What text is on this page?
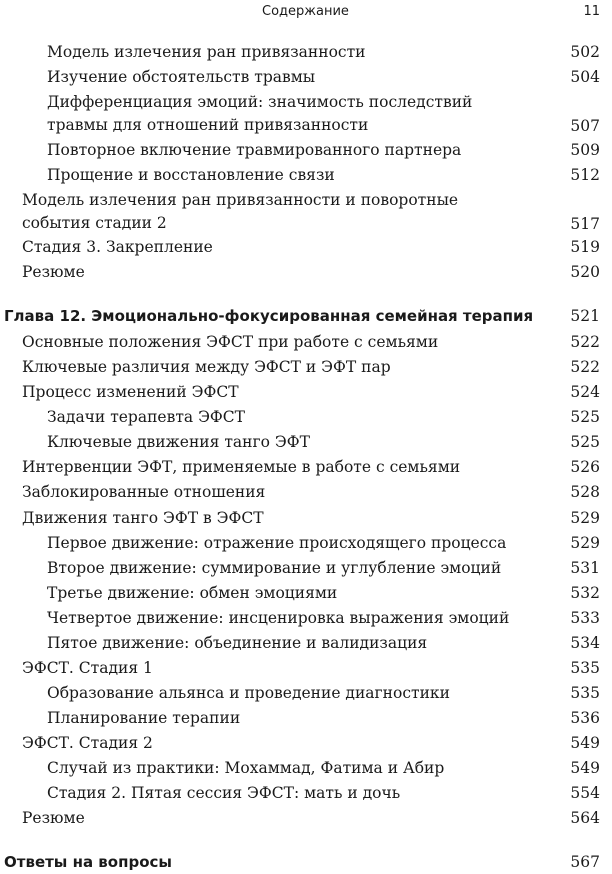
Содержание	11
Модель излечения ран привязанности	502
Изучение обстоятельств травмы	504
Дифференциация эмоций: значимость последствий
травмы для отношений привязанности	507
Повторное включение травмированного партнера	509
Прощение и восстановление связи	512
Модель излечения ран привязанности и поворотные
события стадии 2	517
Стадия 3. Закрепление	519
Резюме	520
Глава 12. Эмоционально-фокусированная семейная терапия 521
Основные положения ЭФСТ при работе с семьями	522
Ключевые различия между ЭФСТ и ЭФТ пар	522
Процесс изменений ЭФСТ	524
Задачи терапевта ЭФСТ	525
Ключевые движения танго ЭФТ	525
Интервенции ЭФТ, применяемые в работе с семьями	526
Заблокированные отношения	528
Движения танго ЭФТ в ЭФСТ	529
Первое движение: отражение происходящего процесса	529
Второе движение: суммирование и углубление эмоций	531
Третье движение: обмен эмоциями	532
Четвертое движение: инсценировка выражения эмоций	533
Пятое движение: объединение и валидизация	534
ЭФСТ. Стадия 1	535
Образование альянса и проведение диагностики	535
Планирование терапии	536
ЭФСТ. Стадия 2	549
Случай из практики: Мохаммад, Фатима и Абир	549
Стадия 2. Пятая сессия ЭФСТ: мать и дочь	554
Резюме	564
Ответы на вопросы	567
